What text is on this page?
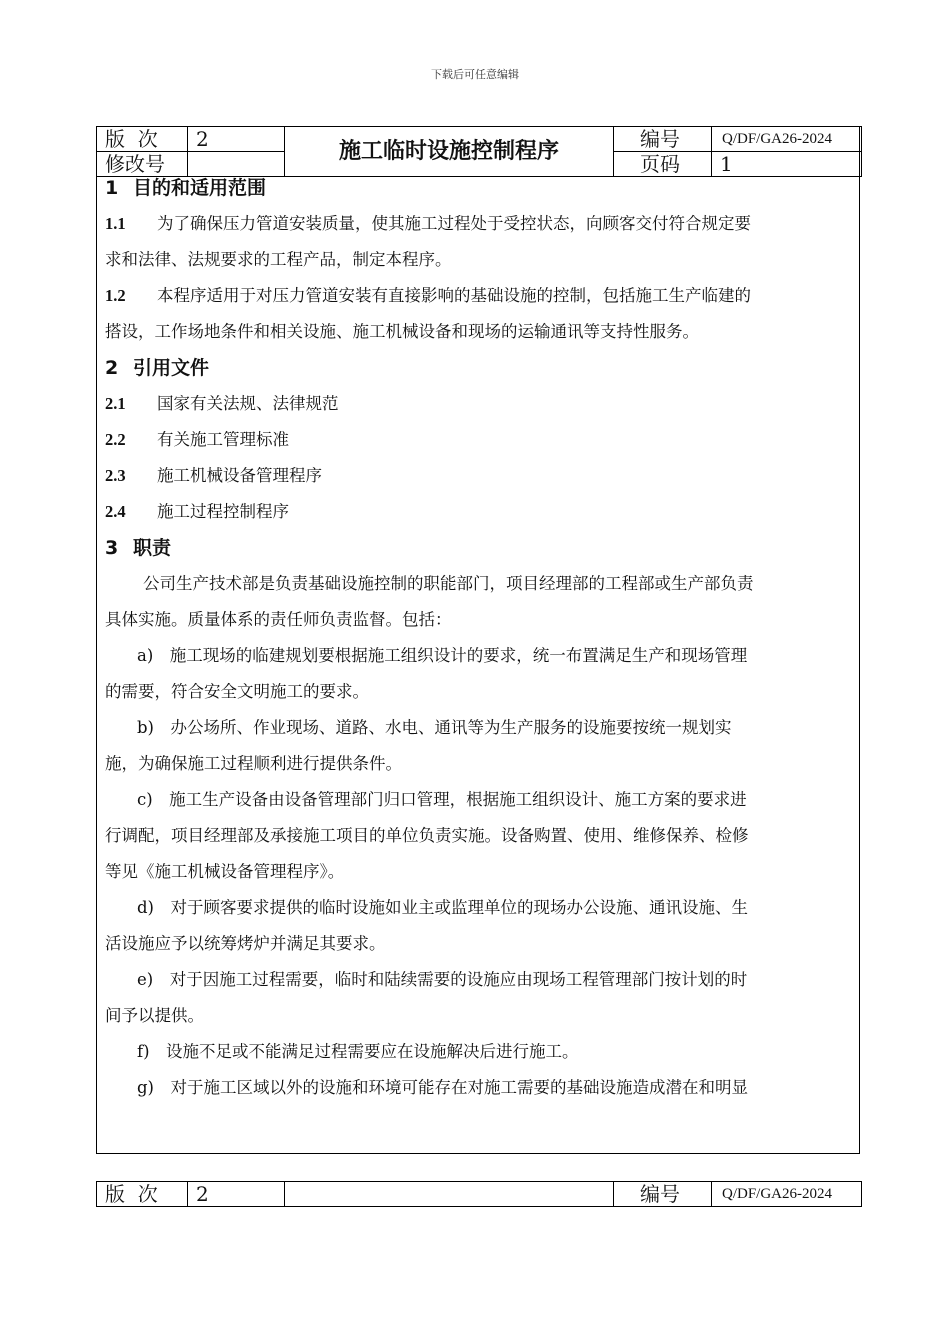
下载后可任意编辑
版  次	2	施工临时设施控制程序	编号	Q/DF/GA26-2024
修改号			页码	1

1 目的和适用范围

1.1 为了确保压力管道安装质量，使其施工过程处于受控状态，向顾客交付符合规定要
求和法律、法规要求的工程产品，制定本程序。

1.2 本程序适用于对压力管道安装有直接影响的基础设施的控制，包括施工生产临建的
搭设，工作场地条件和相关设施、施工机械设备和现场的运输通讯等支持性服务。

2 引用文件

2.1 国家有关法规、法律规范
2.2 有关施工管理标准
2.3 施工机械设备管理程序
2.4 施工过程控制程序

3 职责

公司生产技术部是负责基础设施控制的职能部门，项目经理部的工程部或生产部负责
具体实施。质量体系的责任师负责监督。包括：

a)　施工现场的临建规划要根据施工组织设计的要求，统一布置满足生产和现场管理
的需要，符合安全文明施工的要求。

b)　办公场所、作业现场、道路、水电、通讯等为生产服务的设施要按统一规划实
施，为确保施工过程顺利进行提供条件。

c)　施工生产设备由设备管理部门归口管理，根据施工组织设计、施工方案的要求进
行调配，项目经理部及承接施工项目的单位负责实施。设备购置、使用、维修保养、检修
等见《施工机械设备管理程序》。

d)　对于顾客要求提供的临时设施如业主或监理单位的现场办公设施、通讯设施、生
活设施应予以统筹烤炉并满足其要求。

e)　对于因施工过程需要，临时和陆续需要的设施应由现场工程管理部门按计划的时
间予以提供。

f)　设施不足或不能满足过程需要应在设施解决后进行施工。

g)　对于施工区域以外的设施和环境可能存在对施工需要的基础设施造成潜在和明显

版  次	2		编号	Q/DF/GA26-2024
